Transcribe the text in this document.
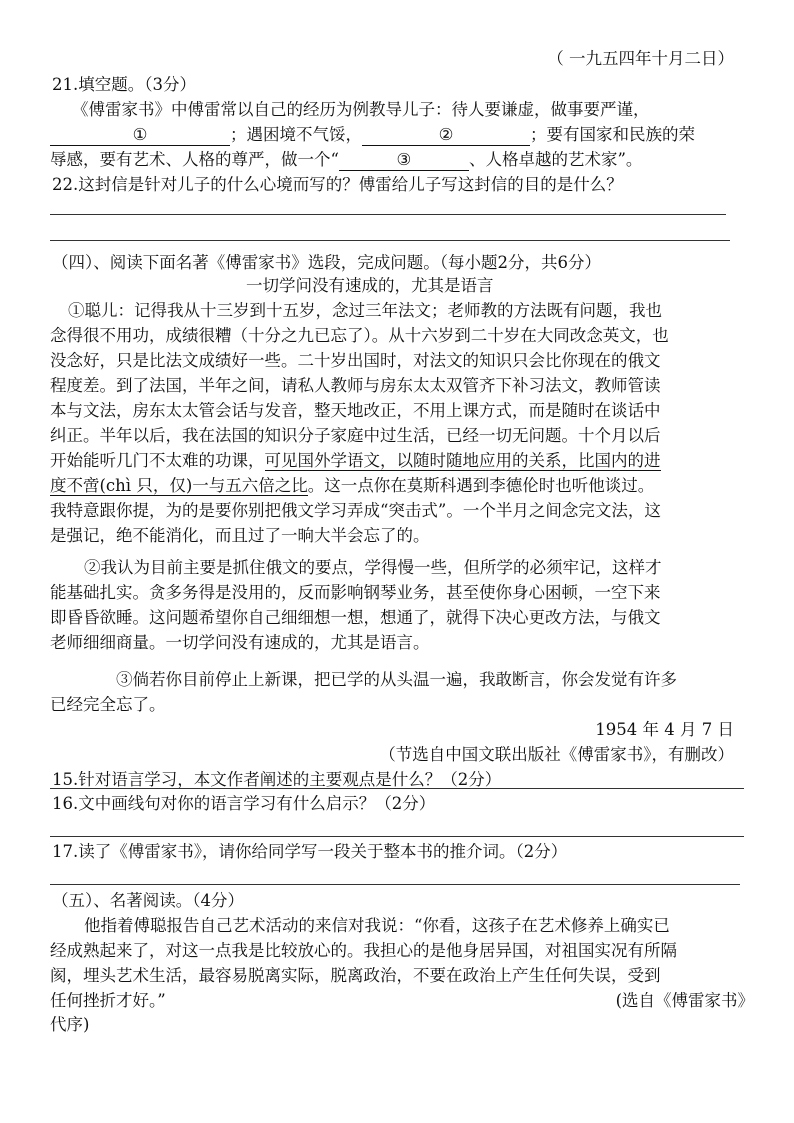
（ 一九五四年十月二日）
21.填空题。（3分）
《傅雷家书》中傅雷常以自己的经历为例教导儿子：待人要谦虚，做事要严谨，
①	；遇困境不气馁，	②	；要有国家和民族的荣
辱感，要有艺术、人格的尊严，做一个“	③	、人格卓越的艺术家”。
22.这封信是针对儿子的什么心境而写的？傅雷给儿子写这封信的目的是什么？
（四）、阅读下面名著《傅雷家书》选段，完成问题。（每小题2分，共6分）
一切学问没有速成的，尤其是语言
①聪儿：记得我从十三岁到十五岁，念过三年法文；老师教的方法既有问题，我也
念得很不用功，成绩很糟（十分之九已忘了）。从十六岁到二十岁在大同改念英文，也
没念好，只是比法文成绩好一些。二十岁出国时，对法文的知识只会比你现在的俄文
程度差。到了法国，半年之间，请私人教师与房东太太双管齐下补习法文，教师管读
本与文法，房东太太管会话与发音，整天地改正，不用上课方式，而是随时在谈话中
纠正。半年以后，我在法国的知识分子家庭中过生活，已经一切无问题。十个月以后
开始能听几门不太难的功课，可见国外学语文，以随时随地应用的关系，比国内的进
度不啻(chì 只，仅)一与五六倍之比。这一点你在莫斯科遇到李德伦时也听他谈过。
我特意跟你提，为的是要你别把俄文学习弄成“突击式”。一个半月之间念完文法，这
是强记，绝不能消化，而且过了一晌大半会忘了的。
②我认为目前主要是抓住俄文的要点，学得慢一些，但所学的必须牢记，这样才
能基础扎实。贪多务得是没用的，反而影响钢琴业务，甚至使你身心困顿，一空下来
即昏昏欲睡。这问题希望你自己细细想一想，想通了，就得下决心更改方法，与俄文
老师细细商量。一切学问没有速成的，尤其是语言。
③倘若你目前停止上新课，把已学的从头温一遍，我敢断言，你会发觉有许多
已经完全忘了。
1954 年 4 月 7 日
（节选自中国文联出版社《傅雷家书》，有删改）
15.针对语言学习，本文作者阐述的主要观点是什么？（2分）
16.文中画线句对你的语言学习有什么启示？（2分）
17.读了《傅雷家书》，请你给同学写一段关于整本书的推介词。（2分）
（五）、名著阅读。（4分）
他指着傅聪报告自己艺术活动的来信对我说：“你看，这孩子在艺术修养上确实已
经成熟起来了，对这一点我是比较放心的。我担心的是他身居异国，对祖国实况有所隔
阂，埋头艺术生活，最容易脱离实际，脱离政治，不要在政治上产生任何失误，受到
任何挫折才好。”	(选自《傅雷家书》
代序)
